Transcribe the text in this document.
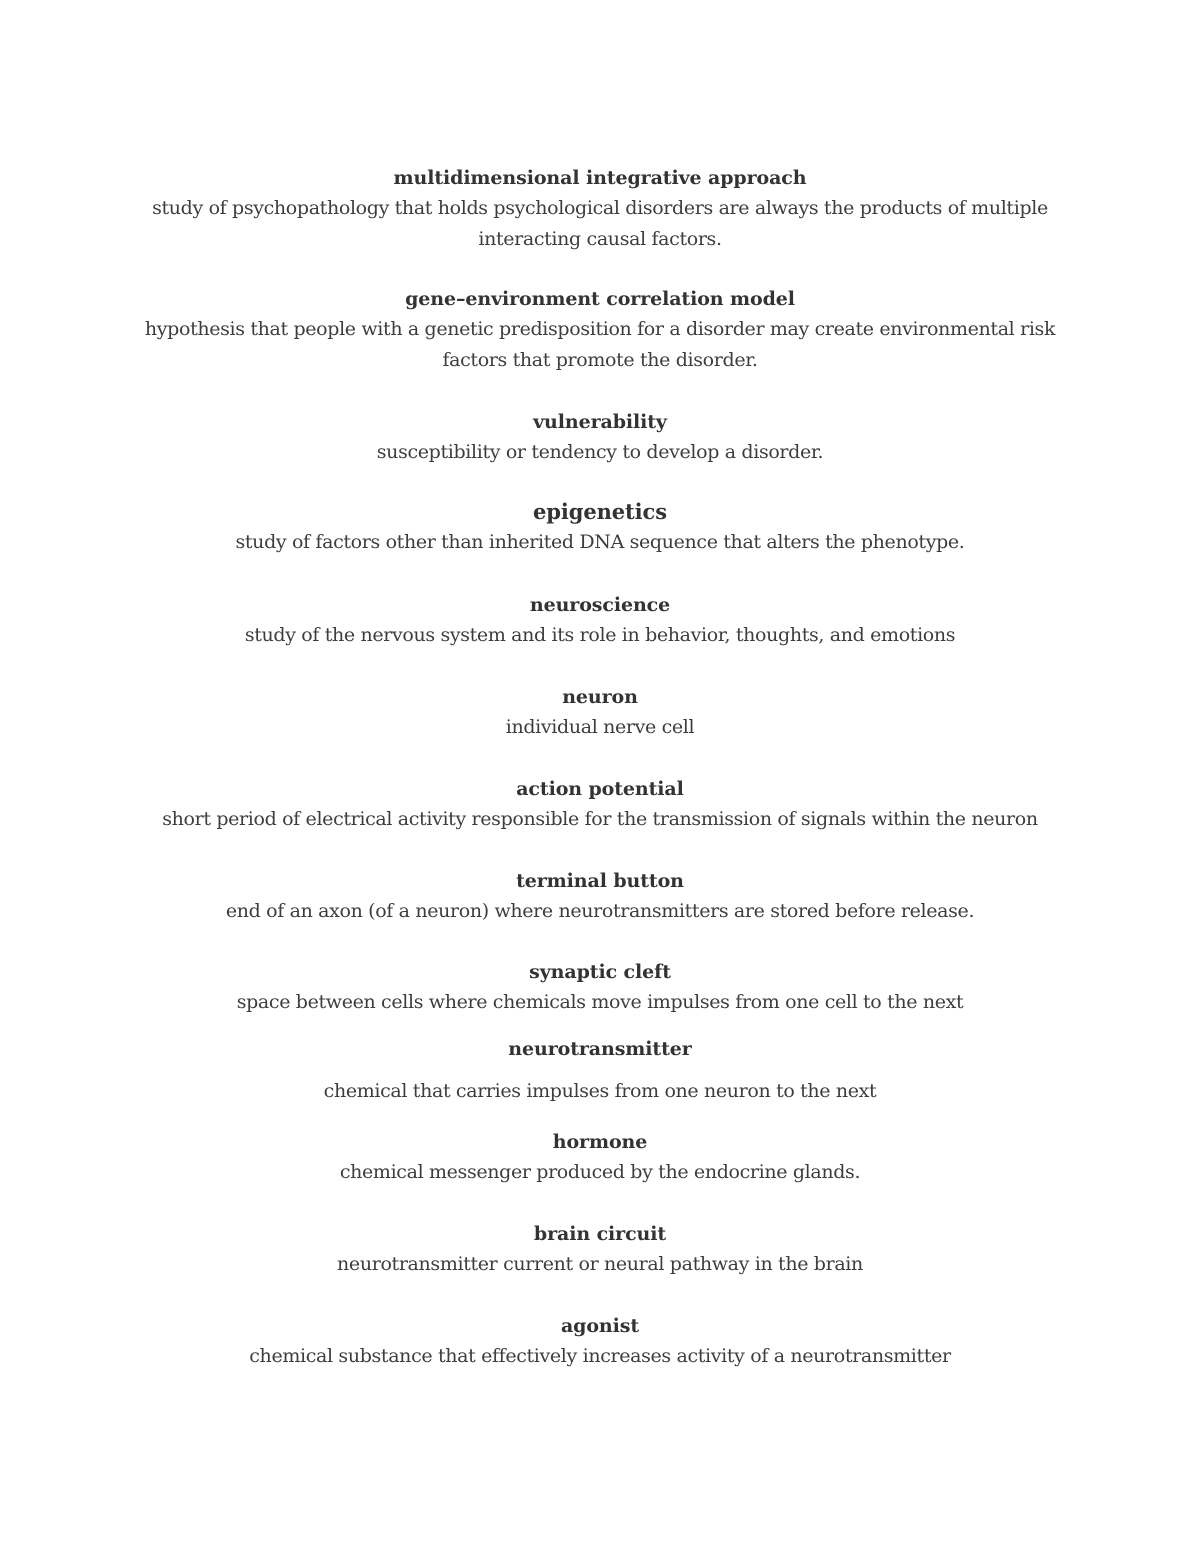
multidimensional integrative approach
study of psychopathology that holds psychological disorders are always the products of multiple interacting causal factors.
gene–environment correlation model
hypothesis that people with a genetic predisposition for a disorder may create environmental risk factors that promote the disorder.
vulnerability
susceptibility or tendency to develop a disorder.
epigenetics
study of factors other than inherited DNA sequence that alters the phenotype.
neuroscience
study of the nervous system and its role in behavior, thoughts, and emotions
neuron
individual nerve cell
action potential
short period of electrical activity responsible for the transmission of signals within the neuron
terminal button
end of an axon (of a neuron) where neurotransmitters are stored before release.
synaptic cleft
space between cells where chemicals move impulses from one cell to the next
neurotransmitter
chemical that carries impulses from one neuron to the next
hormone
chemical messenger produced by the endocrine glands.
brain circuit
neurotransmitter current or neural pathway in the brain
agonist
chemical substance that effectively increases activity of a neurotransmitter
